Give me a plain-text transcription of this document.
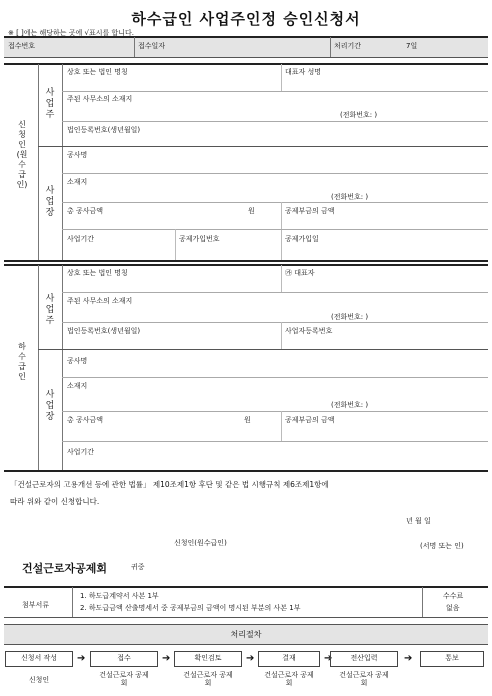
하수급인 사업주인정 승인신청서
※ [ ]에는 해당하는 곳에 √표시를 합니다.
접수번호	접수일자	처리기간	7일
신청인(원수급인)
사업주
상호 또는 법인 명칭	대표자 성명
주된 사무소의 소재지
(전화번호: )
법인등록번호(생년월일)
사업장
공사명
소재지
(전화번호: )
총 공사금액	원	공제부금의 금액
사업기간	공제가입번호	공제가입일
하수급인
사업주
상호 또는 법인 명칭	㉮ 대표자
주된 사무소의 소재지
(전화번호: )
법인등록번호(생년월일)	사업자등록번호
사업장
공사명
소재지
(전화번호: )
총 공사금액	원	공제부금의 금액
사업기간
「건설근로자의 고용개선 등에 관한 법률」 제10조제1항 후단 및 같은 법 시행규칙 제6조제1항에
따라 위와 같이 신청합니다.
년 월 일
신청인(원수급인)	(서명 또는 인)
건설근로자공제회	귀중
첨부서류
1. 하도급계약서 사본 1부
2. 하도급금액 산출명세서 중 공제부금의 금액이 명시된 부분의 사본 1부
수수료
없음
처리절차
신청서 작성	➔	접수	➔	확인검토	➔	결재	➔	전산입력	➔	통보
신청인
건설근로자 공제회
건설근로자 공제회
건설근로자 공제회
건설근로자 공제회
